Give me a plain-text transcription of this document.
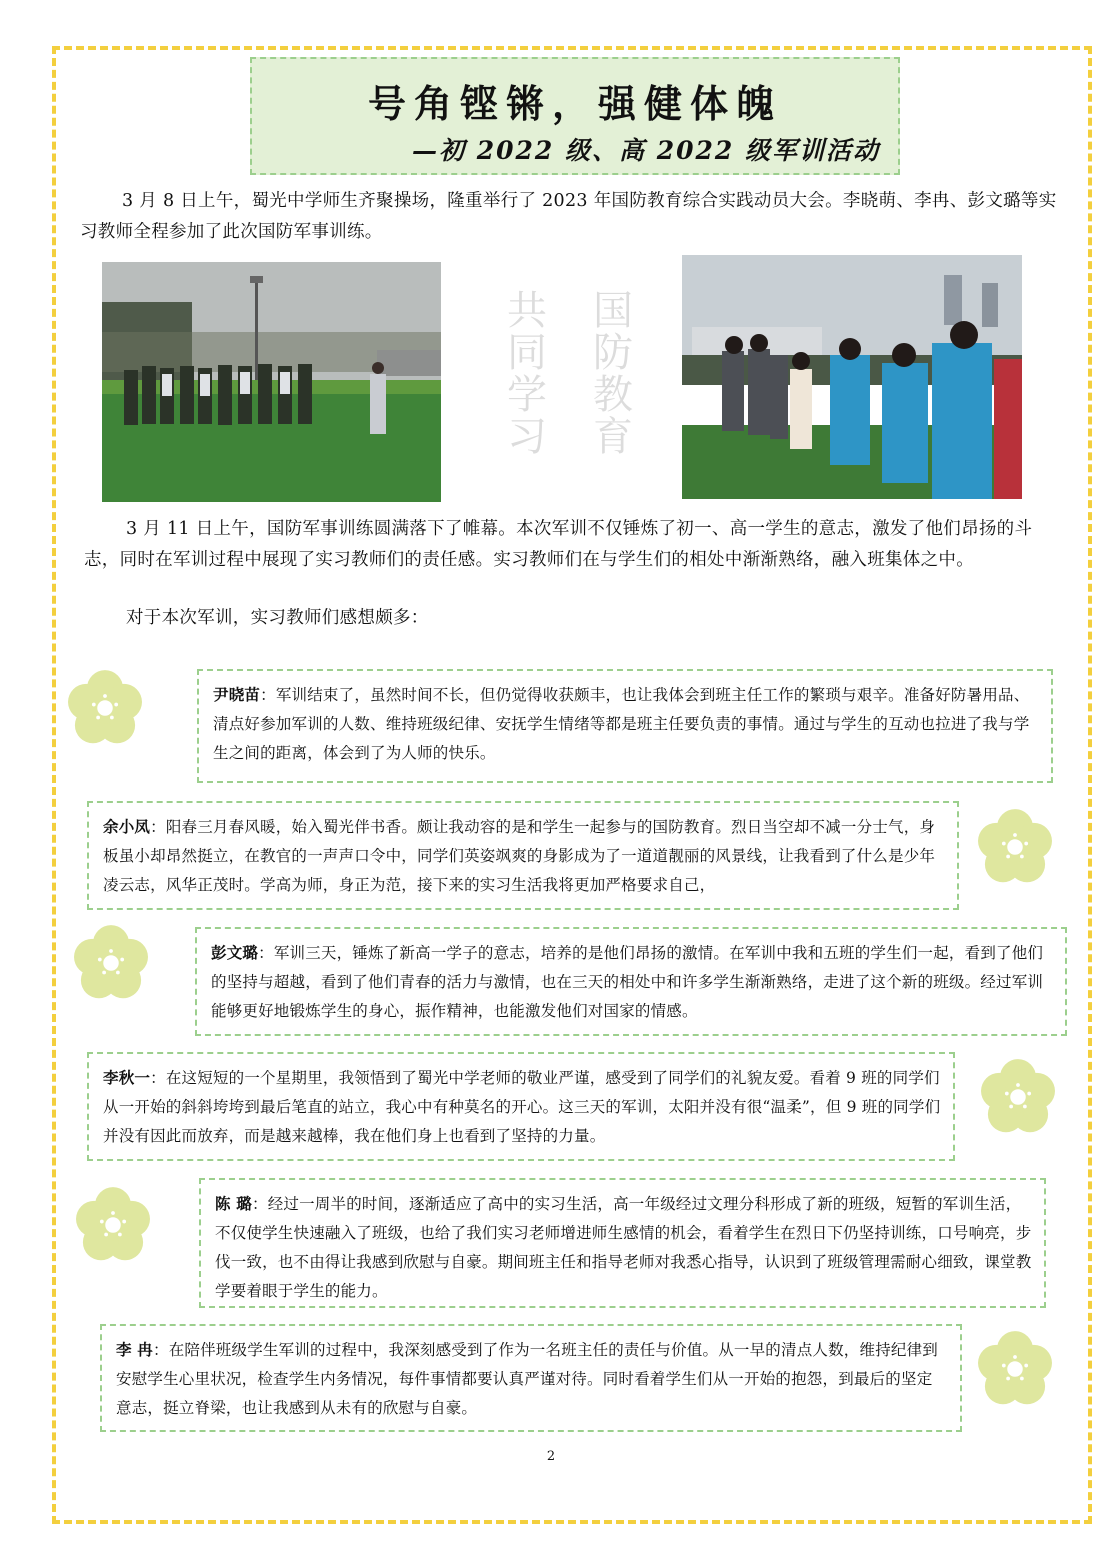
号角铿锵，强健体魄
—初 2022 级、高 2022 级军训活动
3 月 8 日上午，蜀光中学师生齐聚操场，隆重举行了 2023 年国防教育综合实践动员大会。李晓萌、李冉、彭文璐等实习教师全程参加了此次国防军事训练。
共同学习
国防教育
3 月 11 日上午，国防军事训练圆满落下了帷幕。本次军训不仅锤炼了初一、高一学生的意志，激发了他们昂扬的斗志，同时在军训过程中展现了实习教师们的责任感。实习教师们在与学生们的相处中渐渐熟络，融入班集体之中。
对于本次军训，实习教师们感想颇多：
尹晓苗：军训结束了，虽然时间不长，但仍觉得收获颇丰，也让我体会到班主任工作的繁琐与艰辛。准备好防暑用品、清点好参加军训的人数、维持班级纪律、安抚学生情绪等都是班主任要负责的事情。通过与学生的互动也拉进了我与学生之间的距离，体会到了为人师的快乐。
余小凤：阳春三月春风暖，始入蜀光伴书香。颇让我动容的是和学生一起参与的国防教育。烈日当空却不减一分士气，身板虽小却昂然挺立，在教官的一声声口令中，同学们英姿飒爽的身影成为了一道道靓丽的风景线，让我看到了什么是少年凌云志，风华正茂时。学高为师，身正为范，接下来的实习生活我将更加严格要求自己，
彭文璐：军训三天，锤炼了新高一学子的意志，培养的是他们昂扬的激情。在军训中我和五班的学生们一起，看到了他们的坚持与超越，看到了他们青春的活力与激情，也在三天的相处中和许多学生渐渐熟络，走进了这个新的班级。经过军训能够更好地锻炼学生的身心，振作精神，也能激发他们对国家的情感。
李秋一：在这短短的一个星期里，我领悟到了蜀光中学老师的敬业严谨，感受到了同学们的礼貌友爱。看着 9 班的同学们从一开始的斜斜垮垮到最后笔直的站立，我心中有种莫名的开心。这三天的军训，太阳并没有很“温柔”，但 9 班的同学们并没有因此而放弃，而是越来越棒，我在他们身上也看到了坚持的力量。
陈 璐：经过一周半的时间，逐渐适应了高中的实习生活，高一年级经过文理分科形成了新的班级，短暂的军训生活，不仅使学生快速融入了班级，也给了我们实习老师增进师生感情的机会，看着学生在烈日下仍坚持训练，口号响亮，步伐一致，也不由得让我感到欣慰与自豪。期间班主任和指导老师对我悉心指导，认识到了班级管理需耐心细致，课堂教学要着眼于学生的能力。
李 冉：在陪伴班级学生军训的过程中，我深刻感受到了作为一名班主任的责任与价值。从一早的清点人数，维持纪律到安慰学生心里状况，检查学生内务情况，每件事情都要认真严谨对待。同时看着学生们从一开始的抱怨，到最后的坚定意志，挺立脊梁，也让我感到从未有的欣慰与自豪。
2
